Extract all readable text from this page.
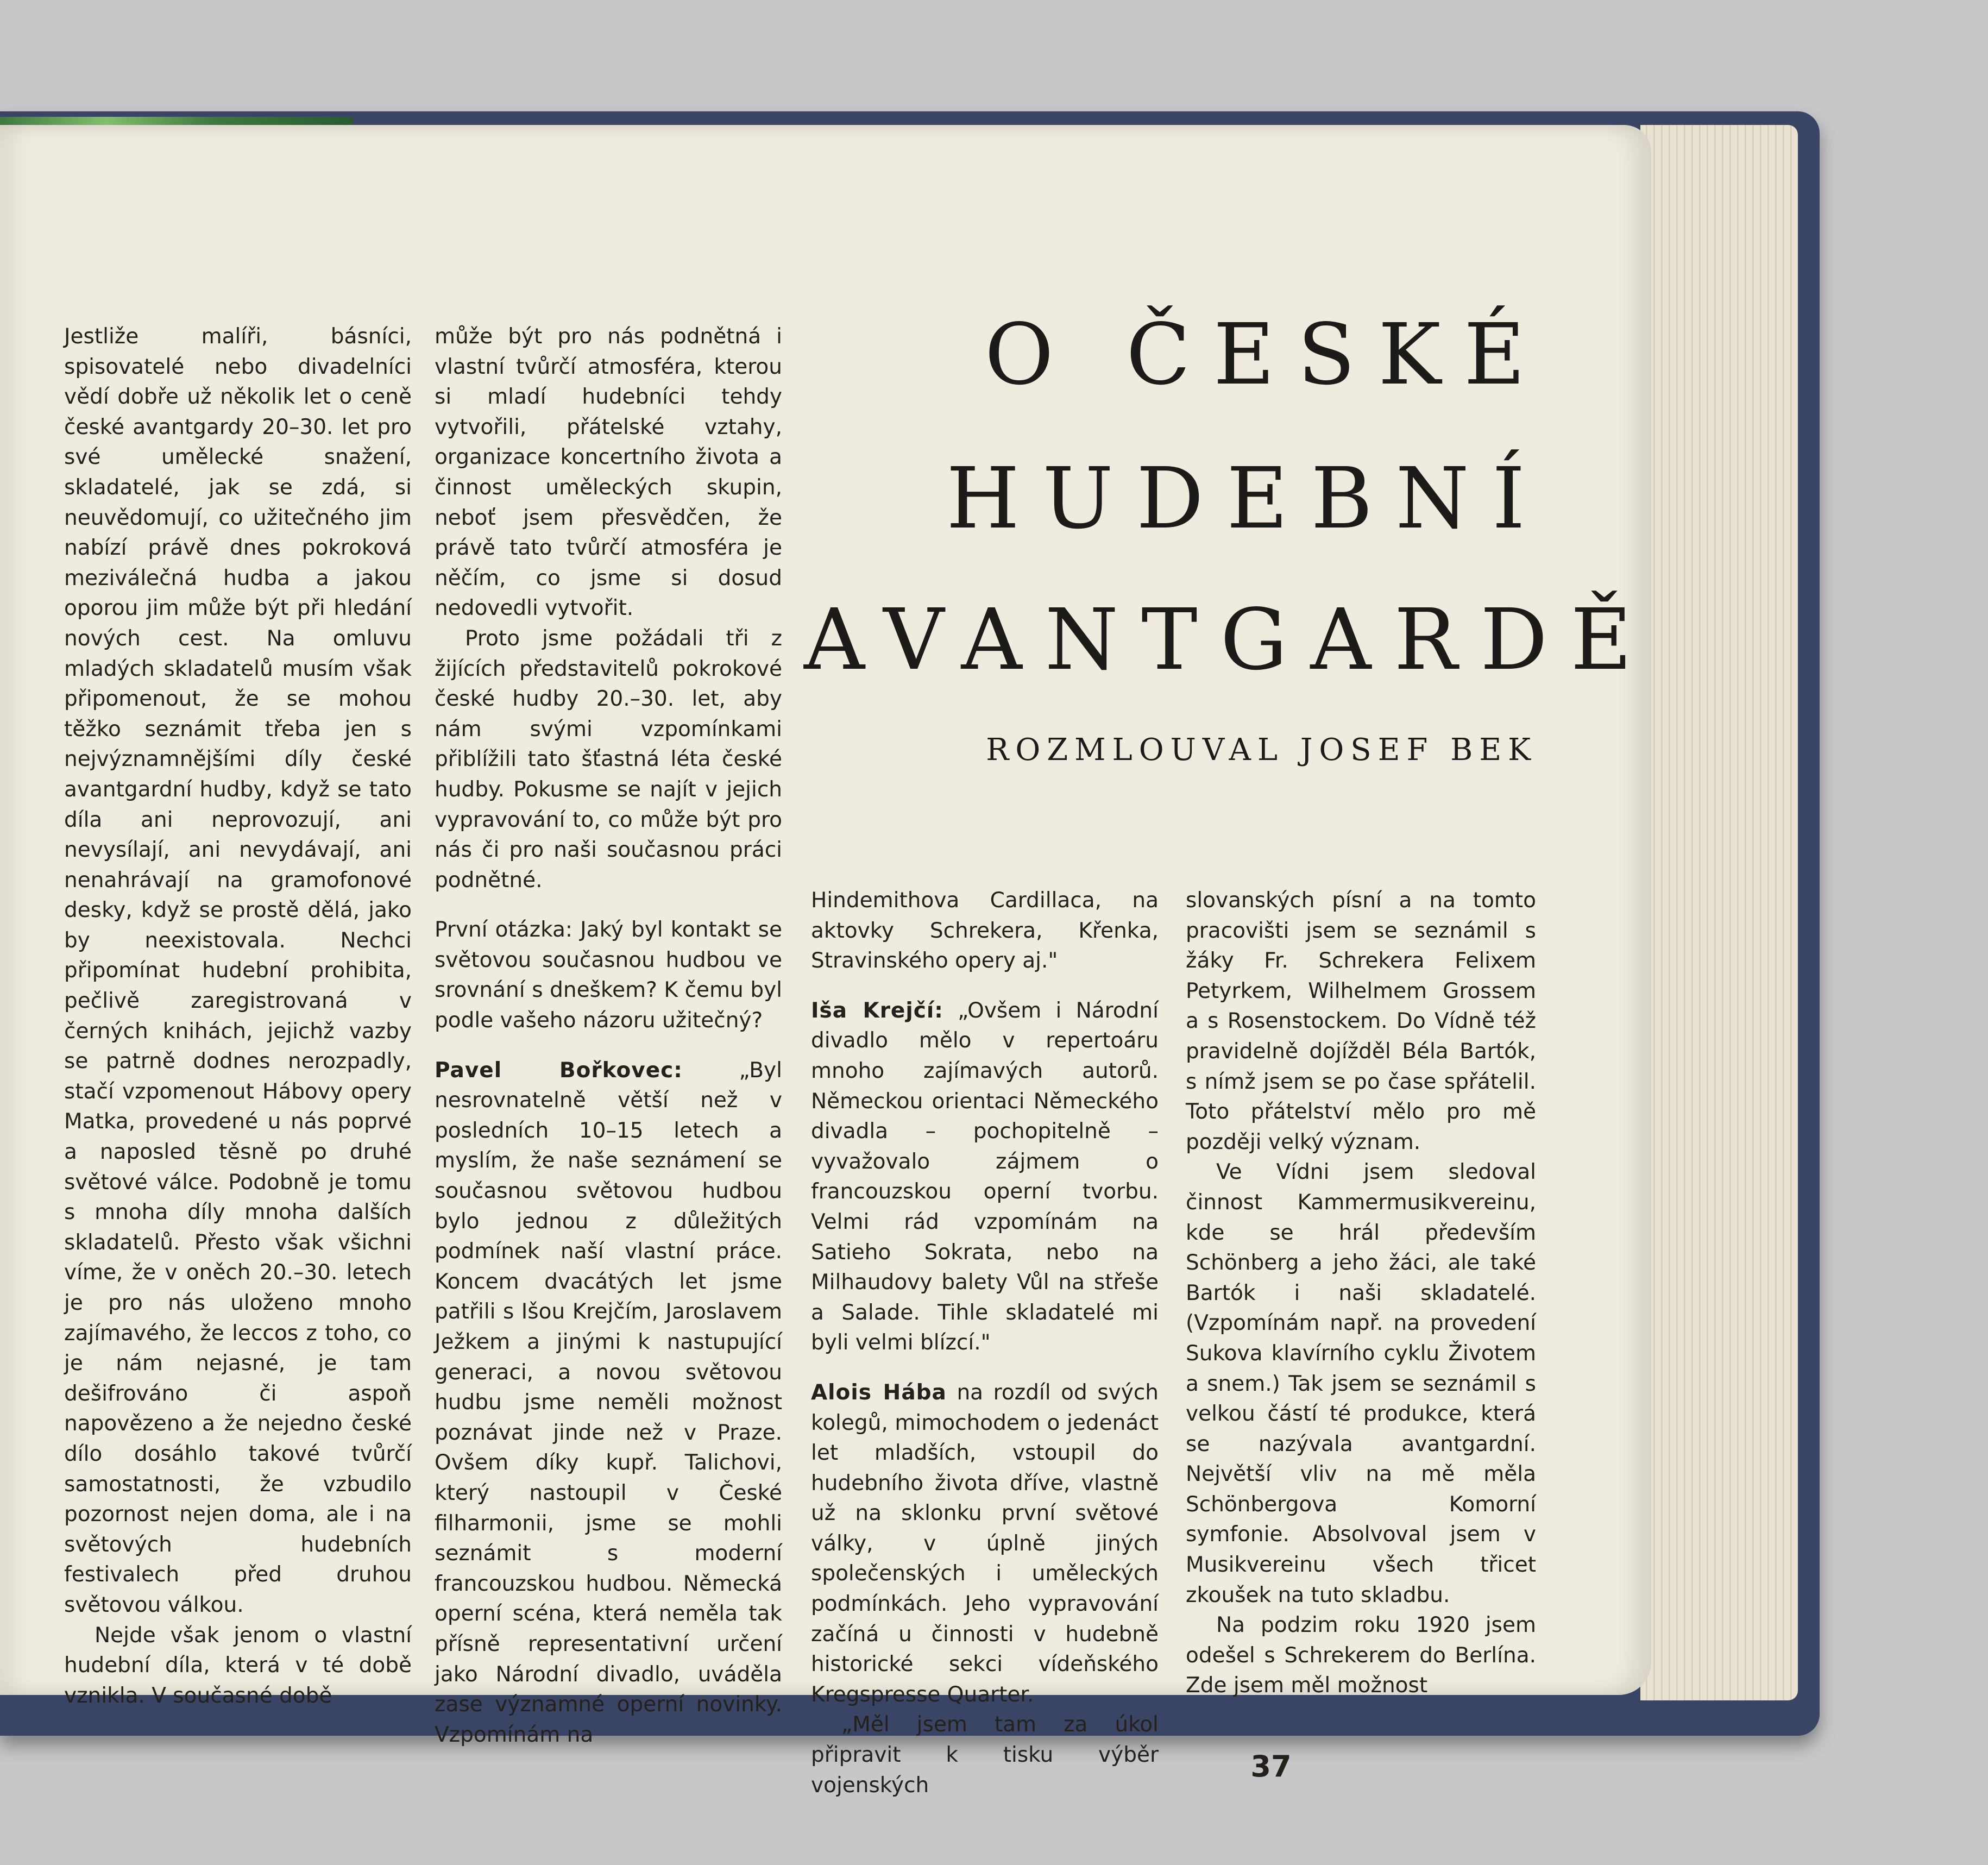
Jestliže malíři, básníci, spisovatelé nebo divadelníci vědí dobře už několik let o ceně české avantgardy 20–30. let pro své umělecké snažení, skladatelé, jak se zdá, si neuvědomují, co užitečného jim nabízí právě dnes pokroková meziválečná hudba a jakou oporou jim může být při hledání nových cest. Na omluvu mladých skladatelů musím však připomenout, že se mohou těžko seznámit třeba jen s nejvýznamnějšími díly české avantgardní hudby, když se tato díla ani neprovozují, ani nevysílají, ani nevydávají, ani nenahrávají na gramofonové desky, když se prostě dělá, jako by neexistovala. Nechci připomínat hudební prohibita, pečlivě zaregistrovaná v černých knihách, jejichž vazby se patrně dodnes nerozpadly, stačí vzpomenout Hábovy opery Matka, provedené u nás poprvé a naposled těsně po druhé světové válce. Podobně je tomu s mnoha díly mnoha dalších skladatelů. Přesto však všichni víme, že v oněch 20.–30. letech je pro nás uloženo mnoho zajímavého, že leccos z toho, co je nám nejasné, je tam dešifrováno či aspoň napovězeno a že nejedno české dílo dosáhlo takové tvůrčí samostatnosti, že vzbudilo pozornost nejen doma, ale i na světových hudebních festivalech před druhou světovou válkou.

Nejde však jenom o vlastní hudební díla, která v té době vznikla. V současné době

může být pro nás podnětná i vlastní tvůrčí atmosféra, kterou si mladí hudebníci tehdy vytvořili, přátelské vztahy, organizace koncertního života a činnost uměleckých skupin, neboť jsem přesvědčen, že právě tato tvůrčí atmosféra je něčím, co jsme si dosud nedovedli vytvořit.

Proto jsme požádali tři z žijících představitelů pokrokové české hudby 20.–30. let, aby nám svými vzpomínkami přiblížili tato šťastná léta české hudby. Pokusme se najít v jejich vypravování to, co může být pro nás či pro naši současnou práci podnětné.

První otázka: Jaký byl kontakt se světovou současnou hudbou ve srovnání s dneškem? K čemu byl podle vašeho názoru užitečný?

Pavel Bořkovec:	„Byl nesrovnatelně větší než v posledních 10–15 letech a myslím, že naše seznámení se současnou světovou hudbou bylo jednou z důležitých podmínek naší vlastní práce. Koncem dvacátých let jsme patřili s Išou Krejčím, Jaroslavem Ježkem a jinými k nastupující generaci, a novou světovou hudbu jsme neměli možnost poznávat jinde než v Praze. Ovšem díky kupř. Talichovi, který nastoupil v České filharmonii, jsme se mohli seznámit s moderní francouzskou hudbou. Německá operní scéna, která neměla tak přísně representativní určení jako Národní divadlo, uváděla zase významné operní novinky. Vzpomínám na

Hindemithova Cardillaca, na aktovky Schrekera, Křenka, Stravinského opery aj."

Iša Krejčí: „Ovšem i Národní divadlo mělo v repertoáru mnoho zajímavých autorů. Německou orientaci Německého divadla – pochopitelně – vyvažovalo zájmem o francouzskou operní tvorbu. Velmi rád vzpomínám na Satieho Sokrata, nebo na Milhaudovy balety Vůl na střeše a Salade. Tihle skladatelé mi byli velmi blízcí."

Alois Hába na rozdíl od svých kolegů, mimochodem o jedenáct let mladších, vstoupil do hudebního života dříve, vlastně už na sklonku první světové války, v úplně jiných společenských i uměleckých podmínkách. Jeho vypravování začíná u činnosti v hudebně historické sekci vídeňského Kregspresse Quarter.

„Měl jsem tam za úkol připravit k tisku výběr vojenských

slovanských písní a na tomto pracovišti jsem se seznámil s žáky Fr. Schrekera Felixem Petyrkem, Wilhelmem Grossem a s Rosenstockem. Do Vídně též pravidelně dojížděl Béla Bartók, s nímž jsem se po čase spřátelil. Toto přátelství mělo pro mě později velký význam.

Ve Vídni jsem sledoval činnost Kammermusikvereinu, kde se hrál především Schönberg a jeho žáci, ale také Bartók i naši skladatelé. (Vzpomínám např. na provedení Sukova klavírního cyklu Životem a snem.) Tak jsem se seznámil s velkou částí té produkce, která se nazývala avantgardní. Největší vliv na mě měla Schönbergova Komorní symfonie. Absolvoval jsem v Musikvereinu všech třicet zkoušek na tuto skladbu.

Na podzim roku 1920 jsem odešel s Schrekerem do Berlína. Zde jsem měl možnost

O ČESKÉ
HUDEBNÍ
AVANTGARDĚ
ROZMLOUVAL JOSEF BEK
37
